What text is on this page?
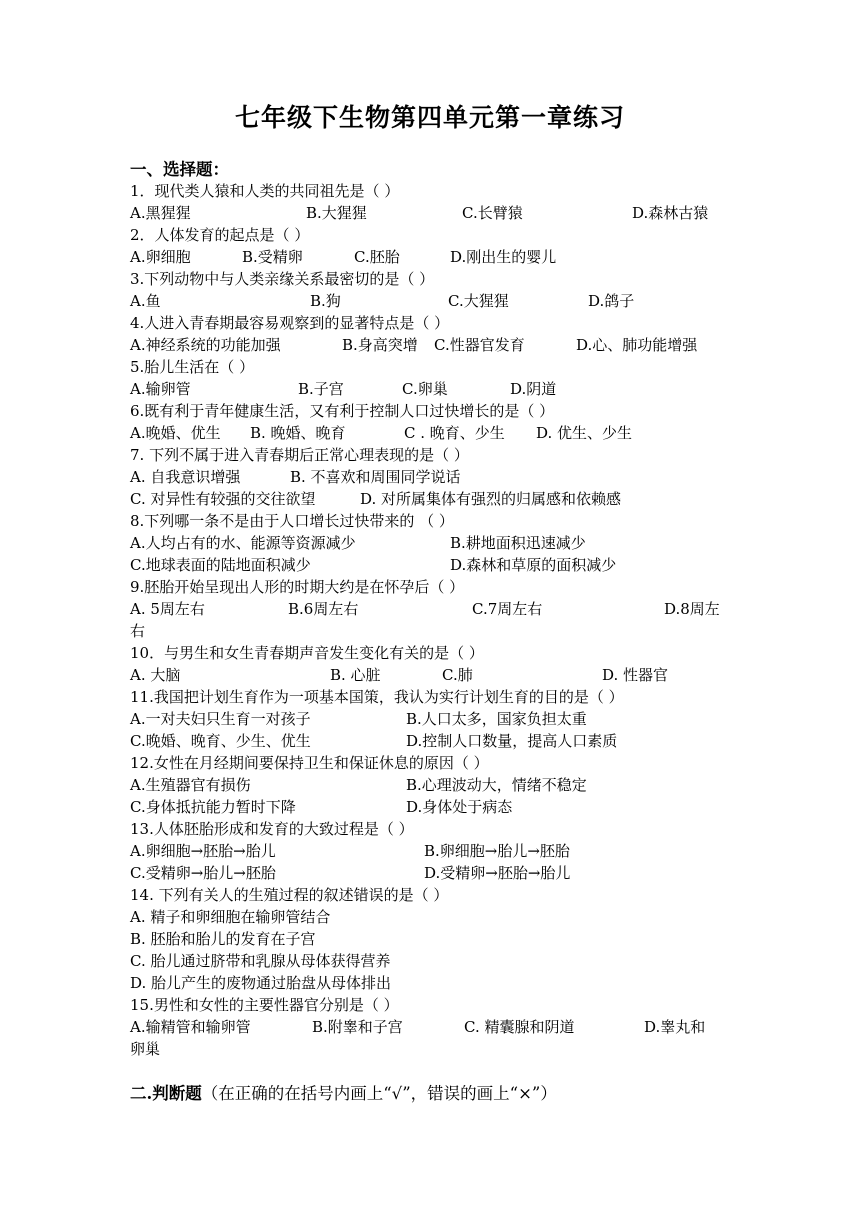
七年级下生物第四单元第一章练习
一、选择题：
1．现代类人猿和人类的共同祖先是（ ）
A.黑猩猩	B.大猩猩	C.长臂猿	D.森林古猿
2．人体发育的起点是（ ）
A.卵细胞	B.受精卵	C.胚胎	D.刚出生的婴儿
3.下列动物中与人类亲缘关系最密切的是（ ）
A.鱼	B.狗	C.大猩猩	D.鸽子
4.人进入青春期最容易观察到的显著特点是（ ）
A.神经系统的功能加强	B.身高突增 C.性器官发育	D.心、肺功能增强
5.胎儿生活在（ ）
A.输卵管	B.子宫	C.卵巢	D.阴道
6.既有利于青年健康生活，又有利于控制人口过快增长的是（ ）
A.晚婚、优生 B. 晚婚、晚育	C . 晚育、少生 D. 优生、少生
7. 下列不属于进入青春期后正常心理表现的是（ ）
A. 自我意识增强	B. 不喜欢和周围同学说话
C. 对异性有较强的交往欲望	D. 对所属集体有强烈的归属感和依赖感
8.下列哪一条不是由于人口增长过快带来的 （ ）
A.人均占有的水、能源等资源减少	B.耕地面积迅速减少
C.地球表面的陆地面积减少	D.森林和草原的面积减少
9.胚胎开始呈现出人形的时期大约是在怀孕后（ ）
A. 5周左右	B.6周左右	C.7周左右	D.8周左
右
10．与男生和女生青春期声音发生变化有关的是（ ）
A. 大脑	B. 心脏	C.肺	D. 性器官
11.我国把计划生育作为一项基本国策，我认为实行计划生育的目的是（ ）
A.一对夫妇只生育一对孩子	B.人口太多，国家负担太重
C.晚婚、晚育、少生、优生	D.控制人口数量，提高人口素质
12.女性在月经期间要保持卫生和保证休息的原因（ ）
A.生殖器官有损伤	B.心理波动大，情绪不稳定
C.身体抵抗能力暂时下降	D.身体处于病态
13.人体胚胎形成和发育的大致过程是（ ）
A.卵细胞→胚胎→胎儿	B.卵细胞→胎儿→胚胎
C.受精卵→胎儿→胚胎	D.受精卵→胚胎→胎儿
14. 下列有关人的生殖过程的叙述错误的是（ ）
A. 精子和卵细胞在输卵管结合
B. 胚胎和胎儿的发育在子宫
C. 胎儿通过脐带和乳腺从母体获得营养
D. 胎儿产生的废物通过胎盘从母体排出
15.男性和女性的主要性器官分别是（ ）
A.输精管和输卵管	B.附睾和子宫	C. 精囊腺和阴道	D.睾丸和
卵巢
二.判断题（在正确的在括号内画上“√”，错误的画上“×”）
